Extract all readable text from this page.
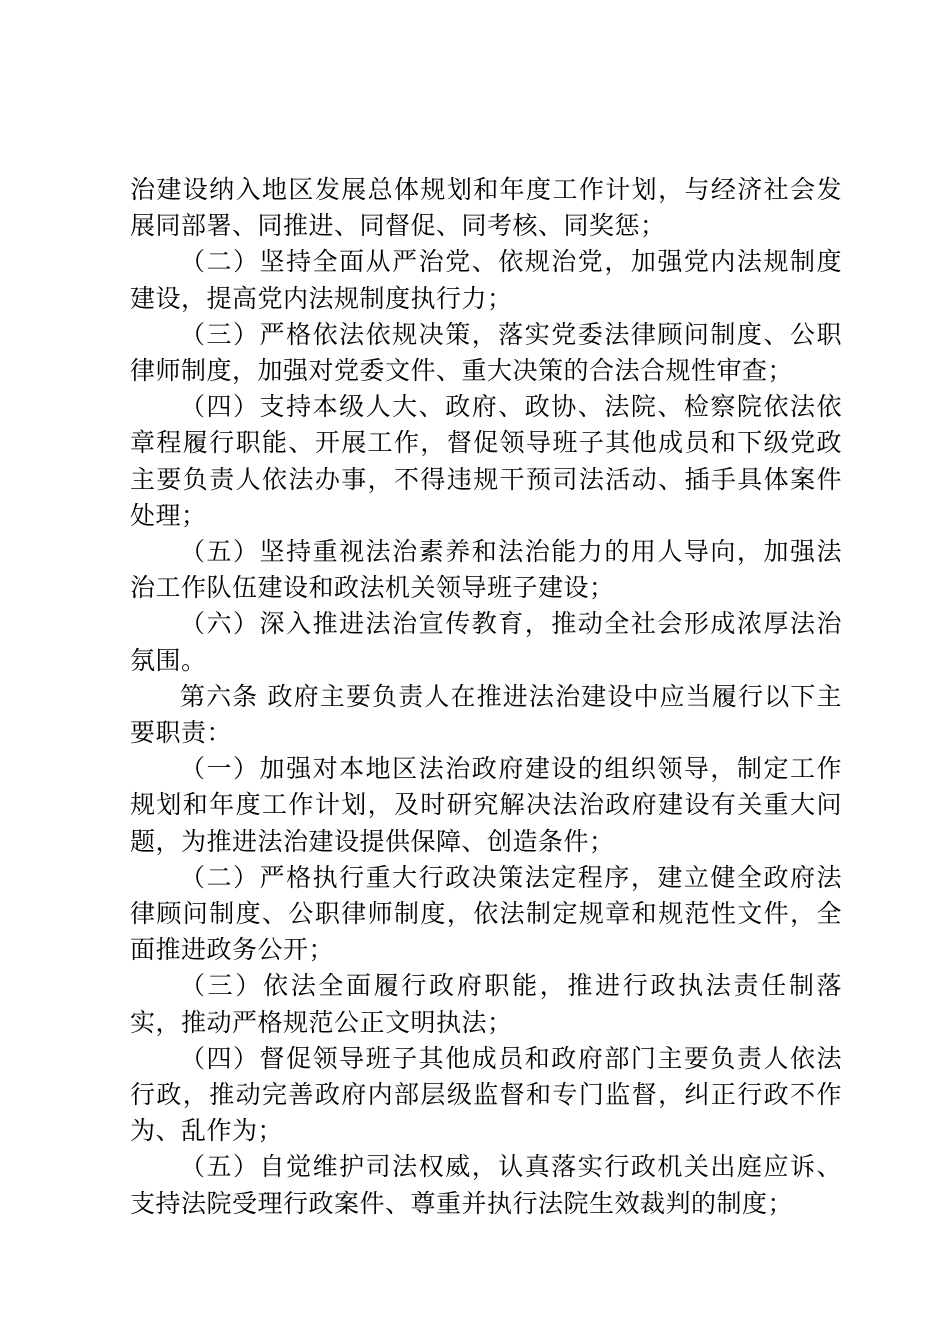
治建设纳入地区发展总体规划和年度工作计划，与经济社会发展同部署、同推进、同督促、同考核、同奖惩；

（二）坚持全面从严治党、依规治党，加强党内法规制度建设，提高党内法规制度执行力；

（三）严格依法依规决策，落实党委法律顾问制度、公职律师制度，加强对党委文件、重大决策的合法合规性审查；

（四）支持本级人大、政府、政协、法院、检察院依法依章程履行职能、开展工作，督促领导班子其他成员和下级党政主要负责人依法办事，不得违规干预司法活动、插手具体案件处理；

（五）坚持重视法治素养和法治能力的用人导向，加强法治工作队伍建设和政法机关领导班子建设；

（六）深入推进法治宣传教育，推动全社会形成浓厚法治氛围。

第六条 政府主要负责人在推进法治建设中应当履行以下主要职责：

（一）加强对本地区法治政府建设的组织领导，制定工作规划和年度工作计划，及时研究解决法治政府建设有关重大问题，为推进法治建设提供保障、创造条件；

（二）严格执行重大行政决策法定程序，建立健全政府法律顾问制度、公职律师制度，依法制定规章和规范性文件，全面推进政务公开；

（三）依法全面履行政府职能，推进行政执法责任制落实，推动严格规范公正文明执法；

（四）督促领导班子其他成员和政府部门主要负责人依法行政，推动完善政府内部层级监督和专门监督，纠正行政不作为、乱作为；

（五）自觉维护司法权威，认真落实行政机关出庭应诉、支持法院受理行政案件、尊重并执行法院生效裁判的制度；
